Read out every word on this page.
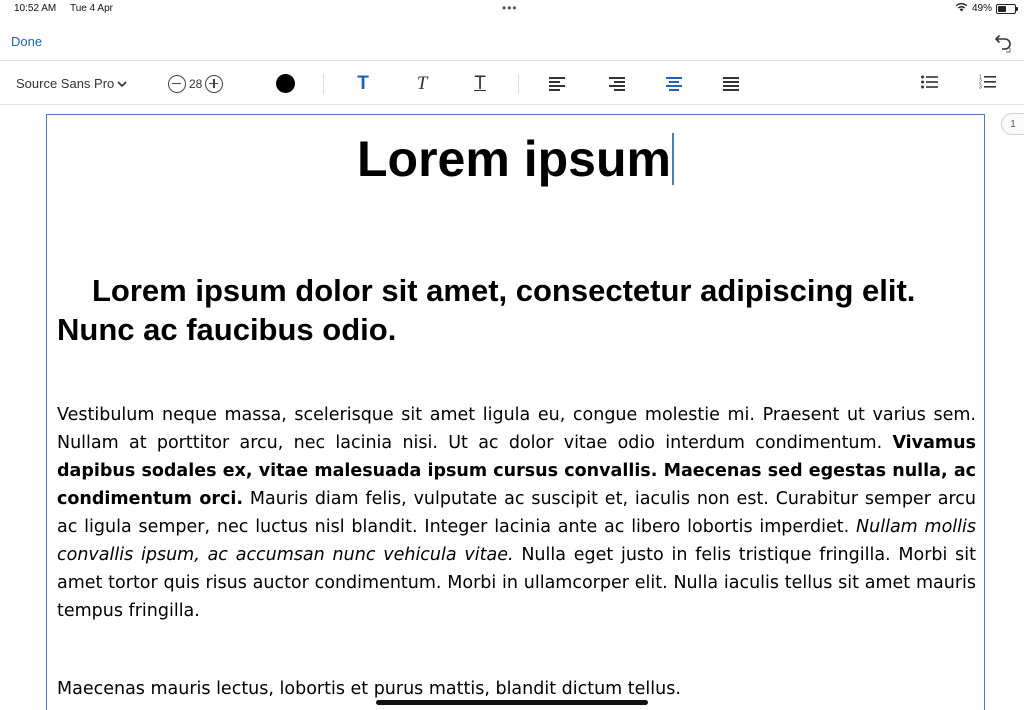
10:52 AM Tue 4 Apr	•••	49%
Done
Source Sans Pro	28	T	T	T	1
2
3
Lorem ipsum
Lorem ipsum dolor sit amet, consectetur adipiscing elit. Nunc ac faucibus odio.
Vestibulum neque massa, scelerisque sit amet ligula eu, congue molestie mi. Praesent ut varius sem. Nullam at porttitor arcu, nec lacinia nisi. Ut ac dolor vitae odio interdum condimentum. Vivamus dapibus sodales ex, vitae malesuada ipsum cursus convallis. Maecenas sed egestas nulla, ac condimentum orci. Mauris diam felis, vulputate ac suscipit et, iaculis non est. Curabitur semper arcu ac ligula semper, nec luctus nisl blandit. Integer lacinia ante ac libero lobortis imperdiet. Nullam mollis convallis ipsum, ac accumsan nunc vehicula vitae. Nulla eget justo in felis tristique fringilla. Morbi sit amet tortor quis risus auctor condimentum. Morbi in ullamcorper elit. Nulla iaculis tellus sit amet mauris tempus fringilla.
Maecenas mauris lectus, lobortis et purus mattis, blandit dictum tellus.
1
